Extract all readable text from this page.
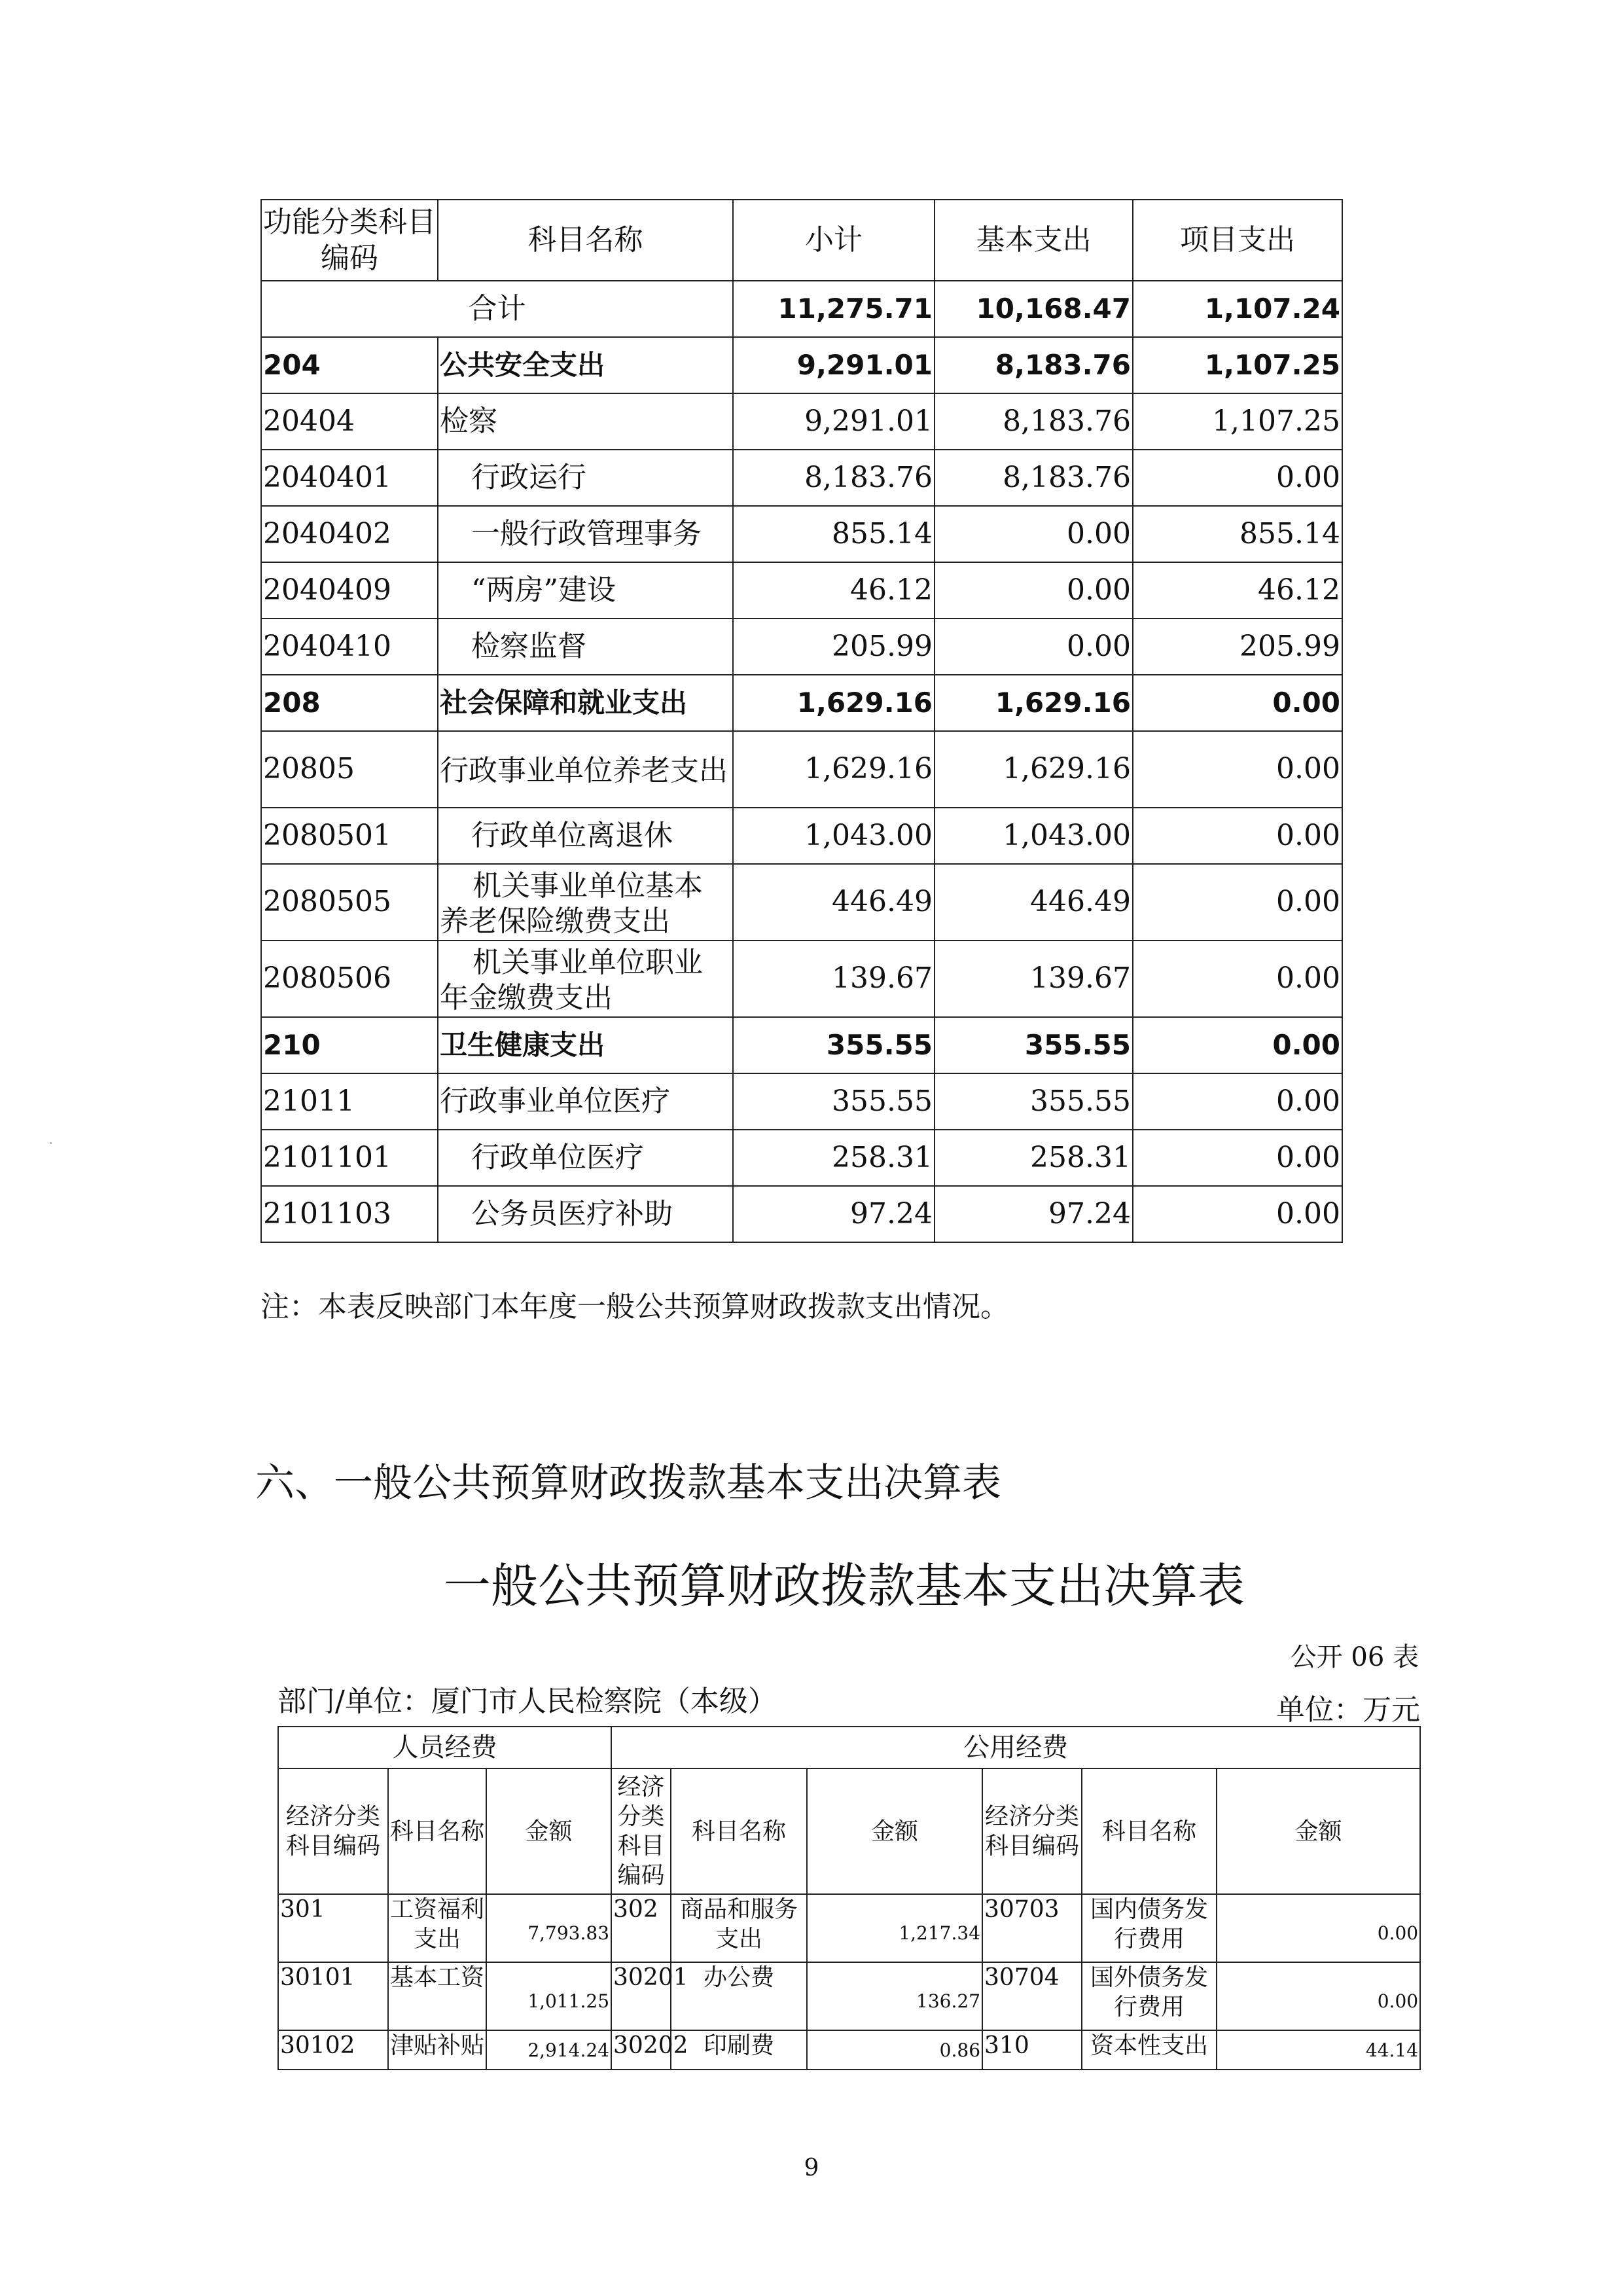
功能分类科目编码	科目名称	小计	基本支出	项目支出
合计		11,275.71	10,168.47	1,107.24
204	公共安全支出	9,291.01	8,183.76	1,107.25
20404	检察	9,291.01	8,183.76	1,107.25
2040401	行政运行	8,183.76	8,183.76	0.00
2040402	一般行政管理事务	855.14	0.00	855.14
2040409	“两房”建设	46.12	0.00	46.12
2040410	检察监督	205.99	0.00	205.99
208	社会保障和就业支出	1,629.16	1,629.16	0.00
20805	行政事业单位养老支出	1,629.16	1,629.16	0.00
2080501	行政单位离退休	1,043.00	1,043.00	0.00
2080505	机关事业单位基本养老保险缴费支出	446.49	446.49	0.00
2080506	机关事业单位职业年金缴费支出	139.67	139.67	0.00
210	卫生健康支出	355.55	355.55	0.00
21011	行政事业单位医疗	355.55	355.55	0.00
2101101	行政单位医疗	258.31	258.31	0.00
2101103	公务员医疗补助	97.24	97.24	0.00
注：本表反映部门本年度一般公共预算财政拨款支出情况。
六、一般公共预算财政拨款基本支出决算表
一般公共预算财政拨款基本支出决算表
公开 06 表
部门/单位：厦门市人民检察院（本级）	单位：万元
人员经费			公用经费					
经济分类科目编码	科目名称	金额	经济分类科目编码	科目名称	金额	经济分类科目编码	科目名称	金额
301	工资福利支出	7,793.83	302	商品和服务支出	1,217.34	30703	国内债务发行费用	0.00
30101	基本工资	1,011.25	30201	办公费	136.27	30704	国外债务发行费用	0.00
30102	津贴补贴	2,914.24	30202	印刷费	0.86	310	资本性支出	44.14
9
